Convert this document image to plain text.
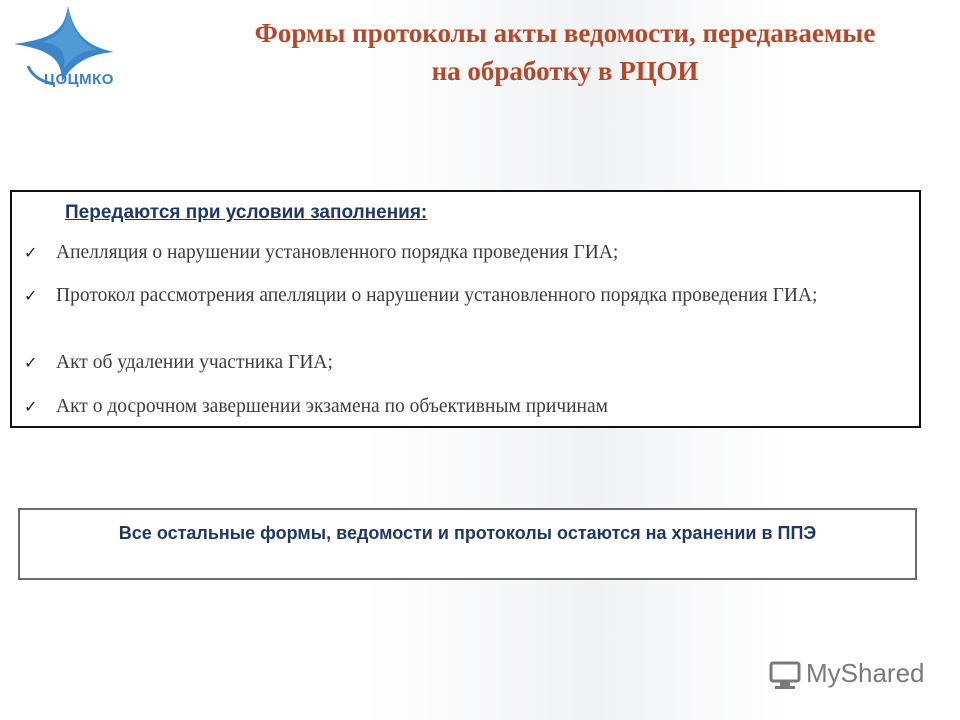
ЦОЦМКО
Формы протоколы акты ведомости, передаваемые на обработку в РЦОИ
Передаются при условии заполнения:
✓ Апелляция о нарушении установленного порядка проведения ГИА;
✓ Протокол рассмотрения апелляции о нарушении установленного порядка проведения ГИА;
✓ Акт об удалении участника ГИА;
✓ Акт о досрочном завершении экзамена по объективным причинам
Все остальные формы, ведомости и протоколы остаются на хранении в ППЭ
MyShared
